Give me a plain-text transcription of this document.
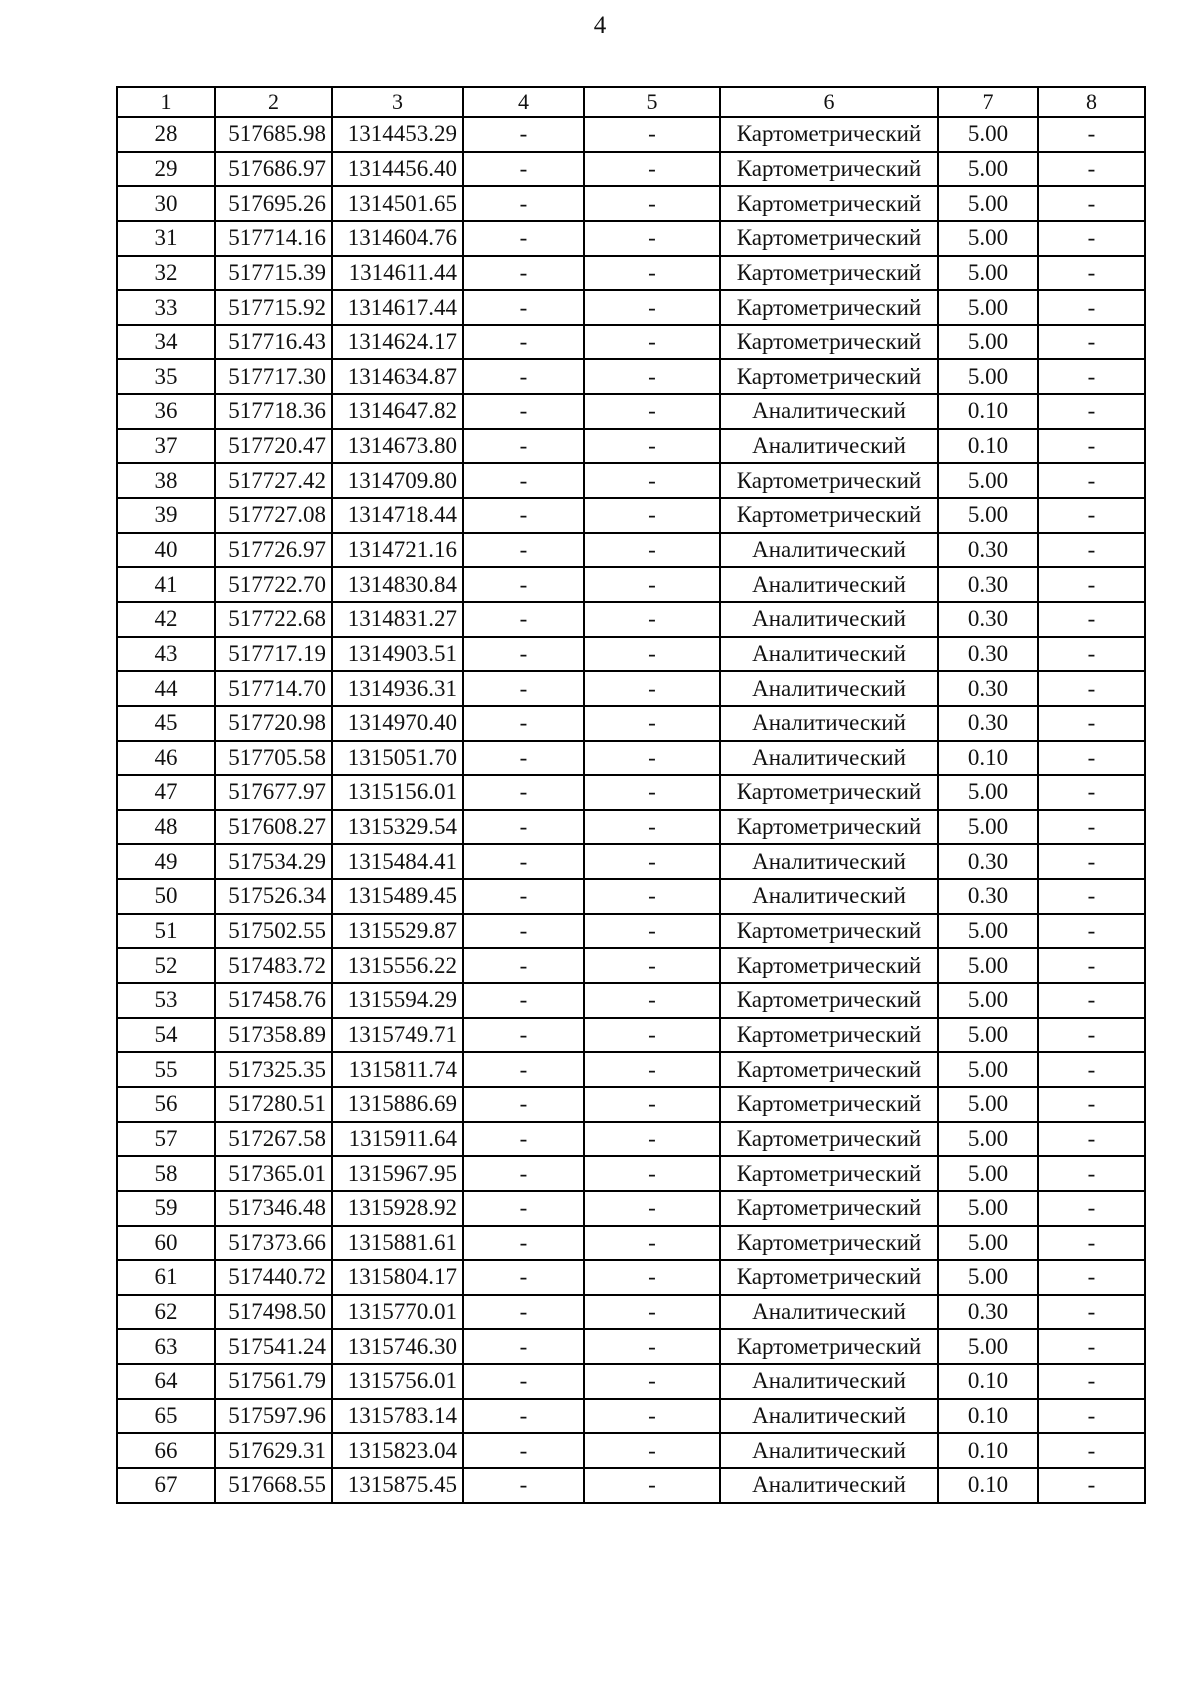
4
1	2	3	4	5	6	7	8
28	517685.98	1314453.29	-	-	Картометрический	5.00	-
29	517686.97	1314456.40	-	-	Картометрический	5.00	-
30	517695.26	1314501.65	-	-	Картометрический	5.00	-
31	517714.16	1314604.76	-	-	Картометрический	5.00	-
32	517715.39	1314611.44	-	-	Картометрический	5.00	-
33	517715.92	1314617.44	-	-	Картометрический	5.00	-
34	517716.43	1314624.17	-	-	Картометрический	5.00	-
35	517717.30	1314634.87	-	-	Картометрический	5.00	-
36	517718.36	1314647.82	-	-	Аналитический	0.10	-
37	517720.47	1314673.80	-	-	Аналитический	0.10	-
38	517727.42	1314709.80	-	-	Картометрический	5.00	-
39	517727.08	1314718.44	-	-	Картометрический	5.00	-
40	517726.97	1314721.16	-	-	Аналитический	0.30	-
41	517722.70	1314830.84	-	-	Аналитический	0.30	-
42	517722.68	1314831.27	-	-	Аналитический	0.30	-
43	517717.19	1314903.51	-	-	Аналитический	0.30	-
44	517714.70	1314936.31	-	-	Аналитический	0.30	-
45	517720.98	1314970.40	-	-	Аналитический	0.30	-
46	517705.58	1315051.70	-	-	Аналитический	0.10	-
47	517677.97	1315156.01	-	-	Картометрический	5.00	-
48	517608.27	1315329.54	-	-	Картометрический	5.00	-
49	517534.29	1315484.41	-	-	Аналитический	0.30	-
50	517526.34	1315489.45	-	-	Аналитический	0.30	-
51	517502.55	1315529.87	-	-	Картометрический	5.00	-
52	517483.72	1315556.22	-	-	Картометрический	5.00	-
53	517458.76	1315594.29	-	-	Картометрический	5.00	-
54	517358.89	1315749.71	-	-	Картометрический	5.00	-
55	517325.35	1315811.74	-	-	Картометрический	5.00	-
56	517280.51	1315886.69	-	-	Картометрический	5.00	-
57	517267.58	1315911.64	-	-	Картометрический	5.00	-
58	517365.01	1315967.95	-	-	Картометрический	5.00	-
59	517346.48	1315928.92	-	-	Картометрический	5.00	-
60	517373.66	1315881.61	-	-	Картометрический	5.00	-
61	517440.72	1315804.17	-	-	Картометрический	5.00	-
62	517498.50	1315770.01	-	-	Аналитический	0.30	-
63	517541.24	1315746.30	-	-	Картометрический	5.00	-
64	517561.79	1315756.01	-	-	Аналитический	0.10	-
65	517597.96	1315783.14	-	-	Аналитический	0.10	-
66	517629.31	1315823.04	-	-	Аналитический	0.10	-
67	517668.55	1315875.45	-	-	Аналитический	0.10	-
